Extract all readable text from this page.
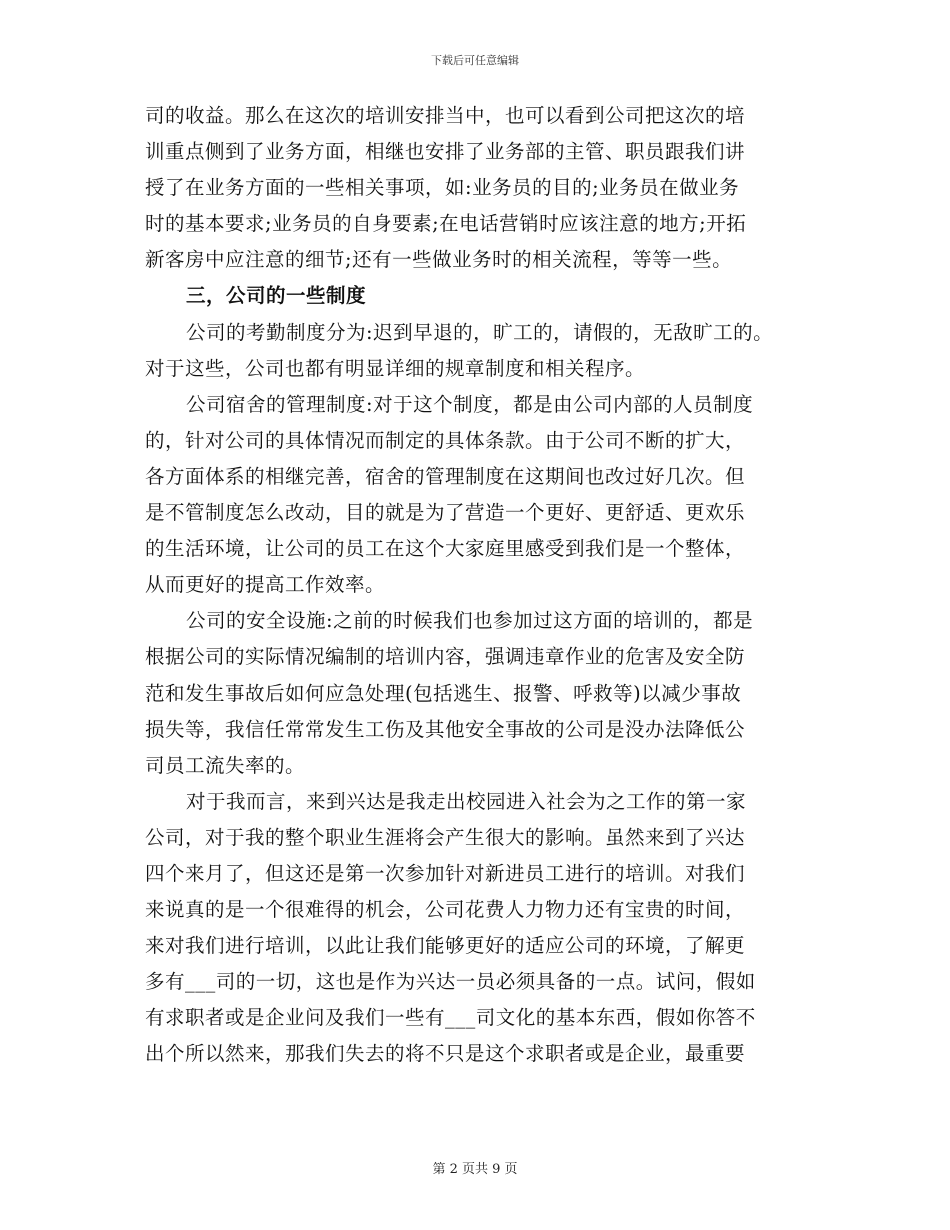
下载后可任意编辑
司的收益。那么在这次的培训安排当中，也可以看到公司把这次的培
训重点侧到了业务方面，相继也安排了业务部的主管、职员跟我们讲
授了在业务方面的一些相关事项，如:业务员的目的;业务员在做业务
时的基本要求;业务员的自身要素;在电话营销时应该注意的地方;开拓
新客房中应注意的细节;还有一些做业务时的相关流程，等等一些。
三，公司的一些制度
公司的考勤制度分为:迟到早退的，旷工的，请假的，无敌旷工的。
对于这些，公司也都有明显详细的规章制度和相关程序。
公司宿舍的管理制度:对于这个制度，都是由公司内部的人员制度
的，针对公司的具体情况而制定的具体条款。由于公司不断的扩大，
各方面体系的相继完善，宿舍的管理制度在这期间也改过好几次。但
是不管制度怎么改动，目的就是为了营造一个更好、更舒适、更欢乐
的生活环境，让公司的员工在这个大家庭里感受到我们是一个整体，
从而更好的提高工作效率。
公司的安全设施:之前的时候我们也参加过这方面的培训的，都是
根据公司的实际情况编制的培训内容，强调违章作业的危害及安全防
范和发生事故后如何应急处理(包括逃生、报警、呼救等)以减少事故
损失等，我信任常常发生工伤及其他安全事故的公司是没办法降低公
司员工流失率的。
对于我而言，来到兴达是我走出校园进入社会为之工作的第一家
公司，对于我的整个职业生涯将会产生很大的影响。虽然来到了兴达
四个来月了，但这还是第一次参加针对新进员工进行的培训。对我们
来说真的是一个很难得的机会，公司花费人力物力还有宝贵的时间，
来对我们进行培训，以此让我们能够更好的适应公司的环境，了解更
多有___司的一切，这也是作为兴达一员必须具备的一点。试问，假如
有求职者或是企业问及我们一些有___司文化的基本东西，假如你答不
出个所以然来，那我们失去的将不只是这个求职者或是企业，最重要
第 2 页共 9 页
